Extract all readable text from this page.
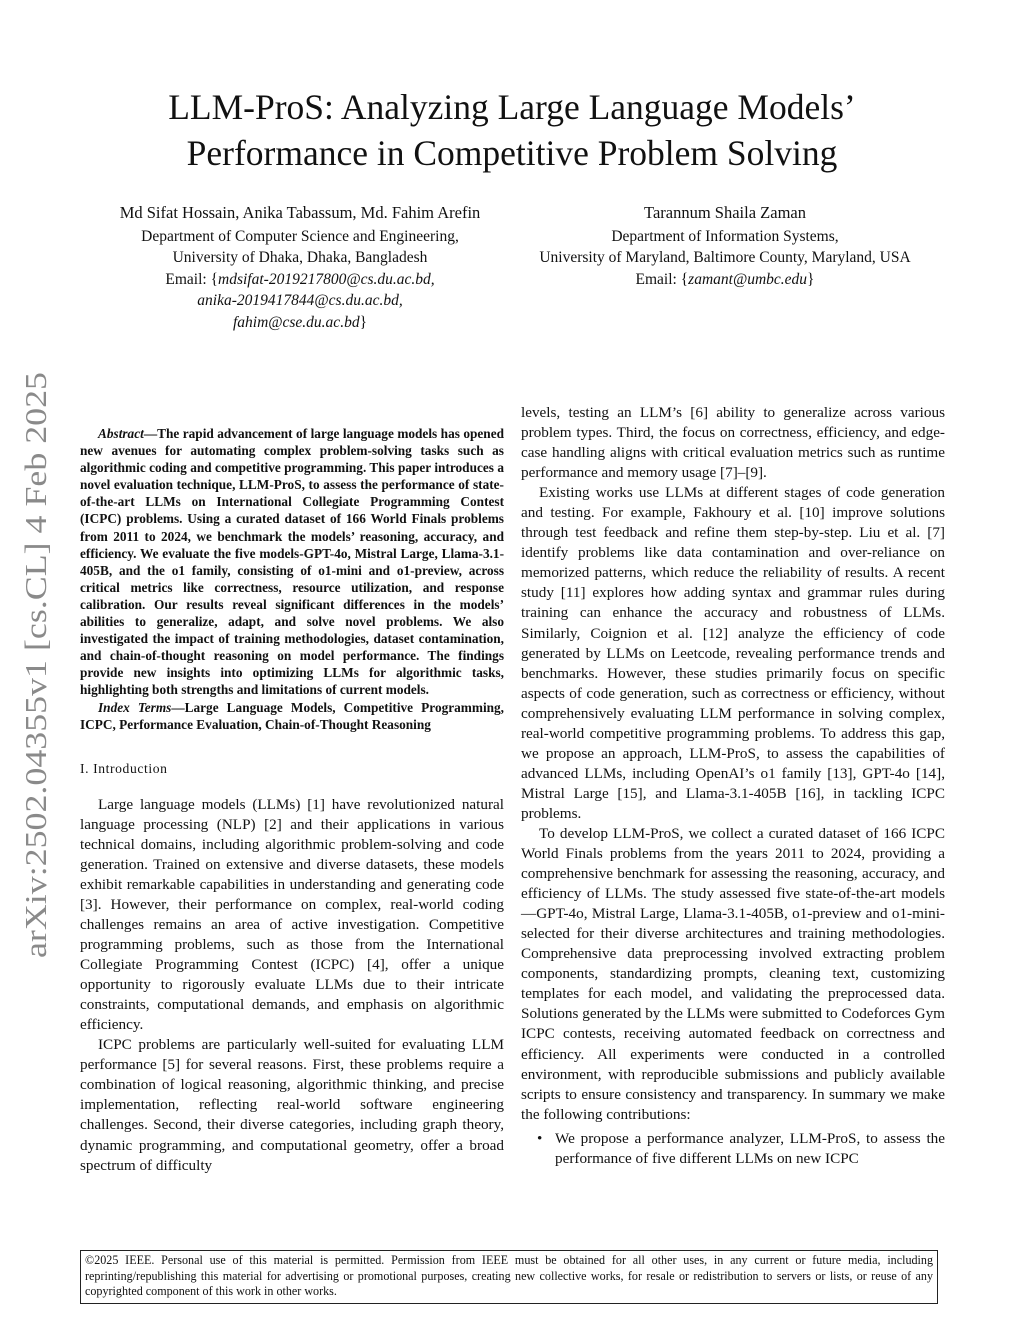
arXiv:2502.04355v1 [cs.CL] 4 Feb 2025
LLM-ProS: Analyzing Large Language Models’
Performance in Competitive Problem Solving
Md Sifat Hossain, Anika Tabassum, Md. Fahim Arefin
Department of Computer Science and Engineering,
University of Dhaka, Dhaka, Bangladesh
Email: {mdsifat-2019217800@cs.du.ac.bd,
anika-2019417844@cs.du.ac.bd,
fahim@cse.du.ac.bd}
Tarannum Shaila Zaman
Department of Information Systems,
University of Maryland, Baltimore County, Maryland, USA
Email: {zamant@umbc.edu}

Abstract—The rapid advancement of large language models has opened new avenues for automating complex problem-solving tasks such as algorithmic coding and competitive programming. This paper introduces a novel evaluation technique, LLM-ProS, to assess the performance of state-of-the-art LLMs on International Collegiate Programming Contest (ICPC) problems. Using a curated dataset of 166 World Finals problems from 2011 to 2024, we benchmark the models’ reasoning, accuracy, and efficiency. We evaluate the five models-GPT-4o, Mistral Large, Llama-3.1-405B, and the o1 family, consisting of o1-mini and o1-preview, across critical metrics like correctness, resource utilization, and response calibration. Our results reveal significant differences in the models’ abilities to generalize, adapt, and solve novel problems. We also investigated the impact of training methodologies, dataset contamination, and chain-of-thought reasoning on model performance. The findings provide new insights into optimizing LLMs for algorithmic tasks, highlighting both strengths and limitations of current models.

Index Terms—Large Language Models, Competitive Programming, ICPC, Performance Evaluation, Chain-of-Thought Reasoning

I. Introduction

Large language models (LLMs) [1] have revolutionized natural language processing (NLP) [2] and their applications in various technical domains, including algorithmic problem-solving and code generation. Trained on extensive and diverse datasets, these models exhibit remarkable capabilities in understanding and generating code [3]. However, their performance on complex, real-world coding challenges remains an area of active investigation. Competitive programming problems, such as those from the International Collegiate Programming Contest (ICPC) [4], offer a unique opportunity to rigorously evaluate LLMs due to their intricate constraints, computational demands, and emphasis on algorithmic efficiency.

ICPC problems are particularly well-suited for evaluating LLM performance [5] for several reasons. First, these problems require a combination of logical reasoning, algorithmic thinking, and precise implementation, reflecting real-world software engineering challenges. Second, their diverse categories, including graph theory, dynamic programming, and computational geometry, offer a broad spectrum of difficulty

levels, testing an LLM’s [6] ability to generalize across various problem types. Third, the focus on correctness, efficiency, and edge-case handling aligns with critical evaluation metrics such as runtime performance and memory usage [7]–[9].

Existing works use LLMs at different stages of code generation and testing. For example, Fakhoury et al. [10] improve solutions through test feedback and refine them step-by-step. Liu et al. [7] identify problems like data contamination and over-reliance on memorized patterns, which reduce the reliability of results. A recent study [11] explores how adding syntax and grammar rules during training can enhance the accuracy and robustness of LLMs. Similarly, Coignion et al. [12] analyze the efficiency of code generated by LLMs on Leetcode, revealing performance trends and benchmarks. However, these studies primarily focus on specific aspects of code generation, such as correctness or efficiency, without comprehensively evaluating LLM performance in solving complex, real-world competitive programming problems. To address this gap, we propose an approach, LLM-ProS, to assess the capabilities of advanced LLMs, including OpenAI’s o1 family [13], GPT-4o [14], Mistral Large [15], and Llama-3.1-405B [16], in tackling ICPC problems.

To develop LLM-ProS, we collect a curated dataset of 166 ICPC World Finals problems from the years 2011 to 2024, providing a comprehensive benchmark for assessing the reasoning, accuracy, and efficiency of LLMs. The study assessed five state-of-the-art models—GPT-4o, Mistral Large, Llama-3.1-405B, o1-preview and o1-mini-selected for their diverse architectures and training methodologies. Comprehensive data preprocessing involved extracting problem components, standardizing prompts, cleaning text, customizing templates for each model, and validating the preprocessed data. Solutions generated by the LLMs were submitted to Codeforces Gym ICPC contests, receiving automated feedback on correctness and efficiency. All experiments were conducted in a controlled environment, with reproducible submissions and publicly available scripts to ensure consistency and transparency. In summary we make the following contributions:

• We propose a performance analyzer, LLM-ProS, to assess the performance of five different LLMs on new ICPC
©2025 IEEE. Personal use of this material is permitted. Permission from IEEE must be obtained for all other uses, in any current or future media, including reprinting/republishing this material for advertising or promotional purposes, creating new collective works, for resale or redistribution to servers or lists, or reuse of any copyrighted component of this work in other works.
